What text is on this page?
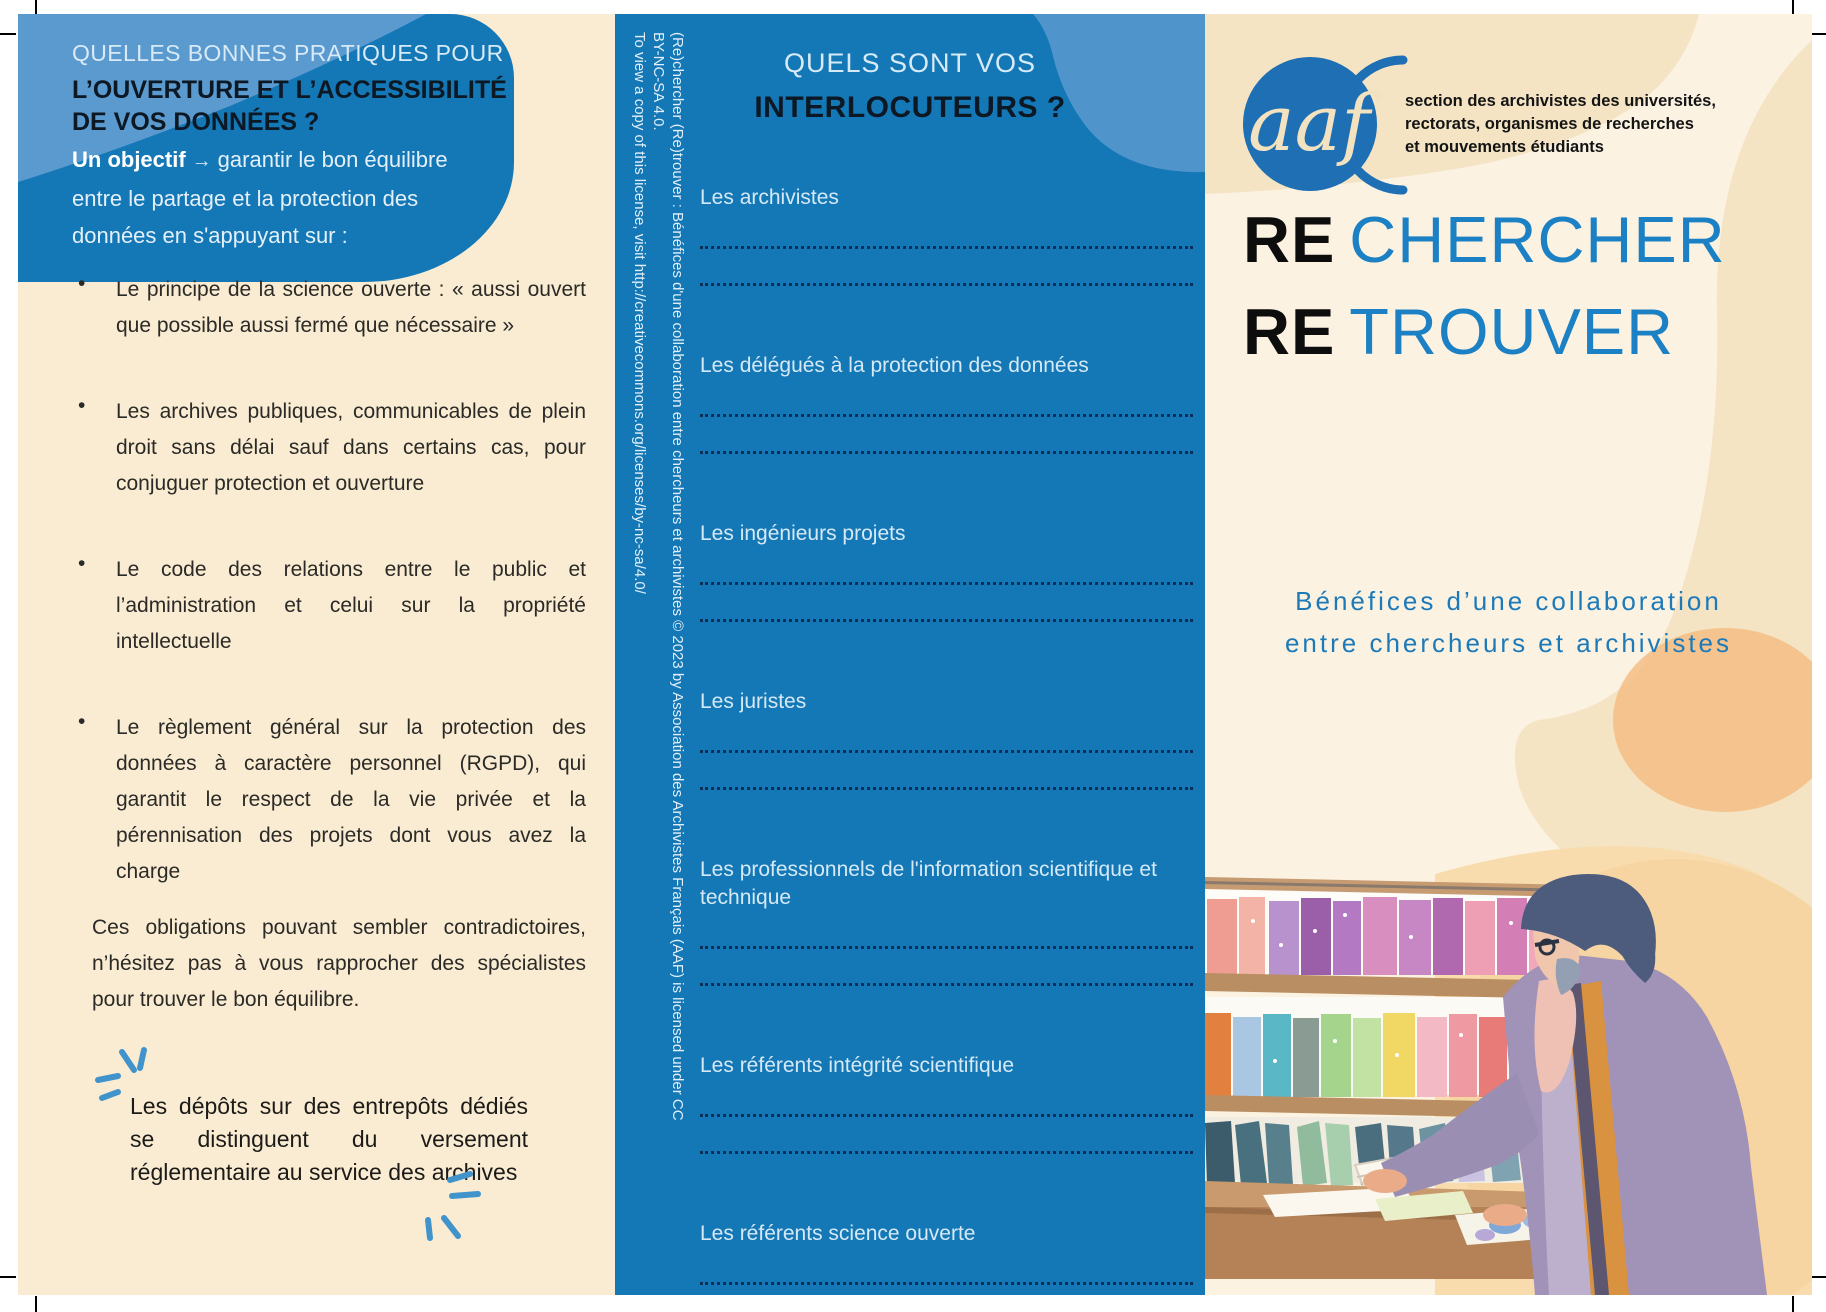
QUELLES BONNES PRATIQUES POUR
L’OUVERTURE ET L’ACCESSIBILITÉ DE VOS DONNÉES ?
Un objectif → garantir le bon équilibre entre le partage et la protection des données en s'appuyant sur :
•	Le principe de la science ouverte : « aussi ouvert que possible aussi fermé que nécessaire »
•	Les archives publiques, communicables de plein droit sans délai sauf dans certains cas, pour conjuguer protection et ouverture
•	Le code des relations entre le public et l’administration et celui sur la propriété intellectuelle
•	Le règlement général sur la protection des données à caractère personnel (RGPD), qui garantit le respect de la vie privée et la pérennisation des projets dont vous avez la charge

Ces obligations pouvant sembler contradictoires, n’hésitez pas à vous rapprocher des spécialistes pour trouver le bon équilibre.

Les dépôts sur des entrepôts dédiés se distinguent du versement réglementaire au service des archives
(Re)chercher (Re)trouver : Bénéfices d'une collaboration entre chercheurs et archivistes © 2023 by Association des Archivistes Français (AAF) is licensed under CC
BY-NC-SA 4.0.
To view a copy of this license, visit http://creativecommons.org/licenses/by-nc-sa/4.0/	QUELS SONT VOS
INTERLOCUTEURS ?
Les archivistes
Les délégués à la protection des données
Les ingénieurs projets
Les juristes
Les professionnels de l'information scientifique et technique
Les référents intégrité scientifique
Les référents science ouverte
aaf	section des archivistes des universités,
rectorats, organismes de recherches
et mouvements étudiants
RE CHERCHER
RE TROUVER
Bénéfices d’une collaboration
entre chercheurs et archivistes
